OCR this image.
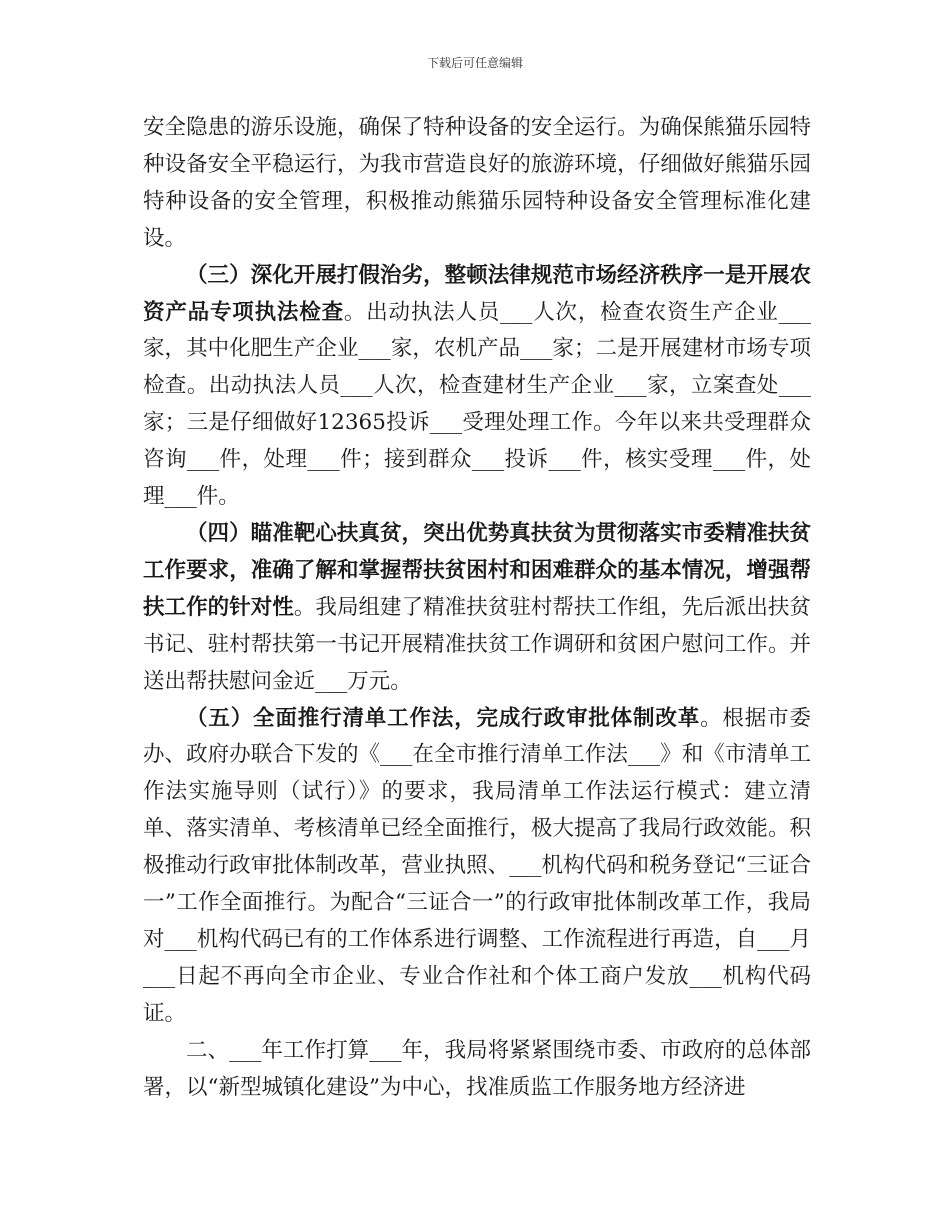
下载后可任意编辑

安全隐患的游乐设施，确保了特种设备的安全运行。为确保熊猫乐园特种设备安全平稳运行，为我市营造良好的旅游环境，仔细做好熊猫乐园特种设备的安全管理，积极推动熊猫乐园特种设备安全管理标准化建设。

（三）深化开展打假治劣，整顿法律规范市场经济秩序一是开展农资产品专项执法检查。出动执法人员___人次，检查农资生产企业___家，其中化肥生产企业___家，农机产品___家；二是开展建材市场专项检查。出动执法人员___人次，检查建材生产企业___家，立案查处___家；三是仔细做好12365投诉___受理处理工作。今年以来共受理群众咨询___件，处理___件；接到群众___投诉___件，核实受理___件，处理___件。

（四）瞄准靶心扶真贫，突出优势真扶贫为贯彻落实市委精准扶贫工作要求，准确了解和掌握帮扶贫困村和困难群众的基本情况，增强帮扶工作的针对性。我局组建了精准扶贫驻村帮扶工作组，先后派出扶贫书记、驻村帮扶第一书记开展精准扶贫工作调研和贫困户慰问工作。并送出帮扶慰问金近___万元。

（五）全面推行清单工作法，完成行政审批体制改革。根据市委办、政府办联合下发的《___在全市推行清单工作法___》和《市清单工作法实施导则（试行）》的要求，我局清单工作法运行模式：建立清单、落实清单、考核清单已经全面推行，极大提高了我局行政效能。积极推动行政审批体制改革，营业执照、___机构代码和税务登记“三证合一”工作全面推行。为配合“三证合一”的行政审批体制改革工作，我局对___机构代码已有的工作体系进行调整、工作流程进行再造，自___月___日起不再向全市企业、专业合作社和个体工商户发放___机构代码证。

二、___年工作打算___年，我局将紧紧围绕市委、市政府的总体部署，以“新型城镇化建设”为中心，找准质监工作服务地方经济进
